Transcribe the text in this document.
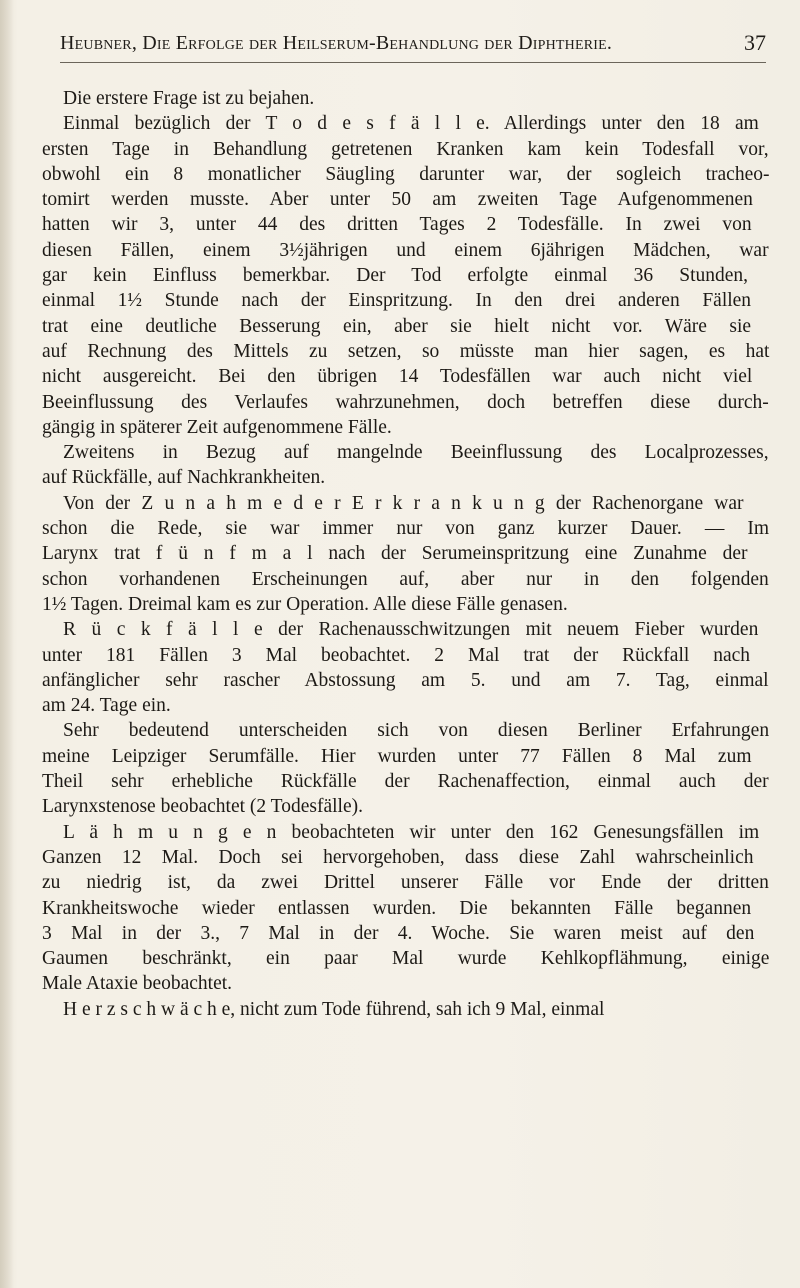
Heubner, Die Erfolge der Heilserum-Behandlung der Diphtherie.	37
Die erstere Frage ist zu bejahen.
Einmal bezüglich der T o d e s f ä l l e. Allerdings unter den 18 am
ersten Tage in Behandlung getretenen Kranken kam kein Todesfall vor,
obwohl ein 8 monatlicher Säugling darunter war, der sogleich tracheo-
tomirt werden musste. Aber unter 50 am zweiten Tage Aufgenommenen
hatten wir 3, unter 44 des dritten Tages 2 Todesfälle. In zwei von
diesen Fällen, einem 3½jährigen und einem 6jährigen Mädchen, war
gar kein Einfluss bemerkbar. Der Tod erfolgte einmal 36 Stunden,
einmal 1½ Stunde nach der Einspritzung. In den drei anderen Fällen
trat eine deutliche Besserung ein, aber sie hielt nicht vor. Wäre sie
auf Rechnung des Mittels zu setzen, so müsste man hier sagen, es hat
nicht ausgereicht. Bei den übrigen 14 Todesfällen war auch nicht viel
Beeinflussung des Verlaufes wahrzunehmen, doch betreffen diese durch-
gängig in späterer Zeit aufgenommene Fälle.
Zweitens in Bezug auf mangelnde Beeinflussung des Localprozesses,
auf Rückfälle, auf Nachkrankheiten.
Von der Z u n a h m e d e r E r k r a n k u n g der Rachenorgane war
schon die Rede, sie war immer nur von ganz kurzer Dauer. — Im
Larynx trat f ü n f m a l nach der Serumeinspritzung eine Zunahme der
schon vorhandenen Erscheinungen auf, aber nur in den folgenden
1½ Tagen. Dreimal kam es zur Operation. Alle diese Fälle genasen.
R ü c k f ä l l e der Rachenausschwitzungen mit neuem Fieber wurden
unter 181 Fällen 3 Mal beobachtet. 2 Mal trat der Rückfall nach
anfänglicher sehr rascher Abstossung am 5. und am 7. Tag, einmal
am 24. Tage ein.
Sehr bedeutend unterscheiden sich von diesen Berliner Erfahrungen
meine Leipziger Serumfälle. Hier wurden unter 77 Fällen 8 Mal zum
Theil sehr erhebliche Rückfälle der Rachenaffection, einmal auch der
Larynxstenose beobachtet (2 Todesfälle).
L ä h m u n g e n beobachteten wir unter den 162 Genesungsfällen im
Ganzen 12 Mal. Doch sei hervorgehoben, dass diese Zahl wahrscheinlich
zu niedrig ist, da zwei Drittel unserer Fälle vor Ende der dritten
Krankheitswoche wieder entlassen wurden. Die bekannten Fälle begannen
3 Mal in der 3., 7 Mal in der 4. Woche. Sie waren meist auf den
Gaumen beschränkt, ein paar Mal wurde Kehlkopflähmung, einige
Male Ataxie beobachtet.
H e r z s c h w ä c h e, nicht zum Tode führend, sah ich 9 Mal, einmal
